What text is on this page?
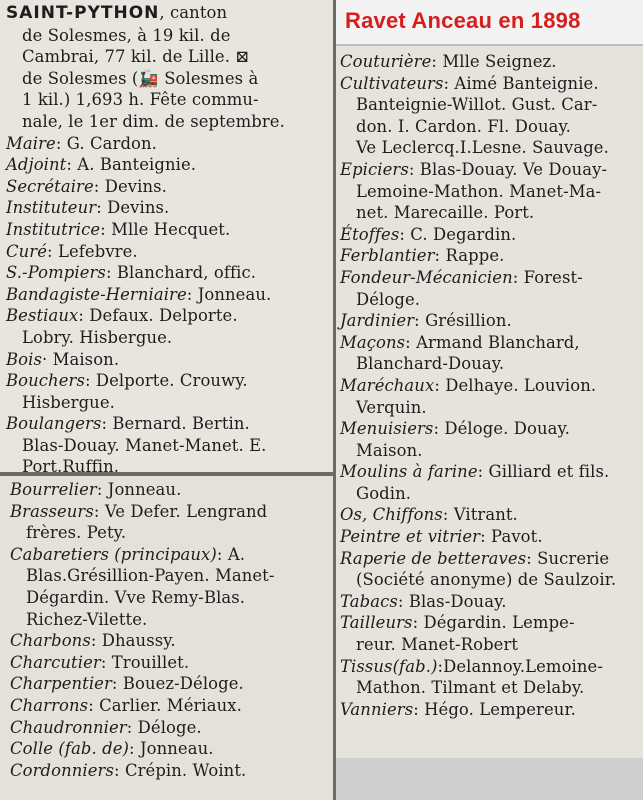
SAINT-PYTHON, canton
de Solesmes, à 19 kil. de
Cambrai, 77 kil. de Lille. ⊠
de Solesmes (🚂 Solesmes à
1 kil.) 1,693 h. Fête commu-
nale, le 1er dim. de septembre.
Maire: G. Cardon.
Adjoint: A. Banteignie.
Secrétaire: Devins.
Instituteur: Devins.
Institutrice: Mlle Hecquet.
Curé: Lefebvre.
S.-Pompiers: Blanchard, offic.
Bandagiste-Herniaire: Jonneau.
Bestiaux: Defaux. Delporte.
Lobry. Hisbergue.
Bois· Maison.
Bouchers: Delporte. Crouwy.
Hisbergue.
Boulangers: Bernard. Bertin.
Blas-Douay. Manet-Manet. E.
Port.Ruffin.
Bourrelier: Jonneau.
Brasseurs: Ve Defer. Lengrand
frères. Pety.
Cabaretiers (principaux): A.
Blas.Grésillion-Payen. Manet-
Dégardin. Vve Remy-Blas.
Richez-Vilette.
Charbons: Dhaussy.
Charcutier: Trouillet.
Charpentier: Bouez-Déloge.
Charrons: Carlier. Mériaux.
Chaudronnier: Déloge.
Colle (fab. de): Jonneau.
Cordonniers: Crépin. Woint.
Ravet Anceau en 1898
Couturière: Mlle Seignez.
Cultivateurs: Aimé Banteignie.
Banteignie-Willot. Gust. Car-
don. I. Cardon. Fl. Douay.
Ve Leclercq.I.Lesne. Sauvage.
Epiciers: Blas-Douay. Ve Douay-
Lemoine-Mathon. Manet-Ma-
net. Marecaille. Port.
Étoffes: C. Degardin.
Ferblantier: Rappe.
Fondeur-Mécanicien: Forest-
Déloge.
Jardinier: Grésillion.
Maçons: Armand Blanchard,
Blanchard-Douay.
Maréchaux: Delhaye. Louvion.
Verquin.
Menuisiers: Déloge. Douay.
Maison.
Moulins à farine: Gilliard et fils.
Godin.
Os, Chiffons: Vitrant.
Peintre et vitrier: Pavot.
Raperie de betteraves: Sucrerie
(Société anonyme) de Saulzoir.
Tabacs: Blas-Douay.
Tailleurs: Dégardin. Lempe-
reur. Manet-Robert
Tissus(fab.):Delannoy.Lemoine-
Mathon. Tilmant et Delaby.
Vanniers: Hégo. Lempereur.
